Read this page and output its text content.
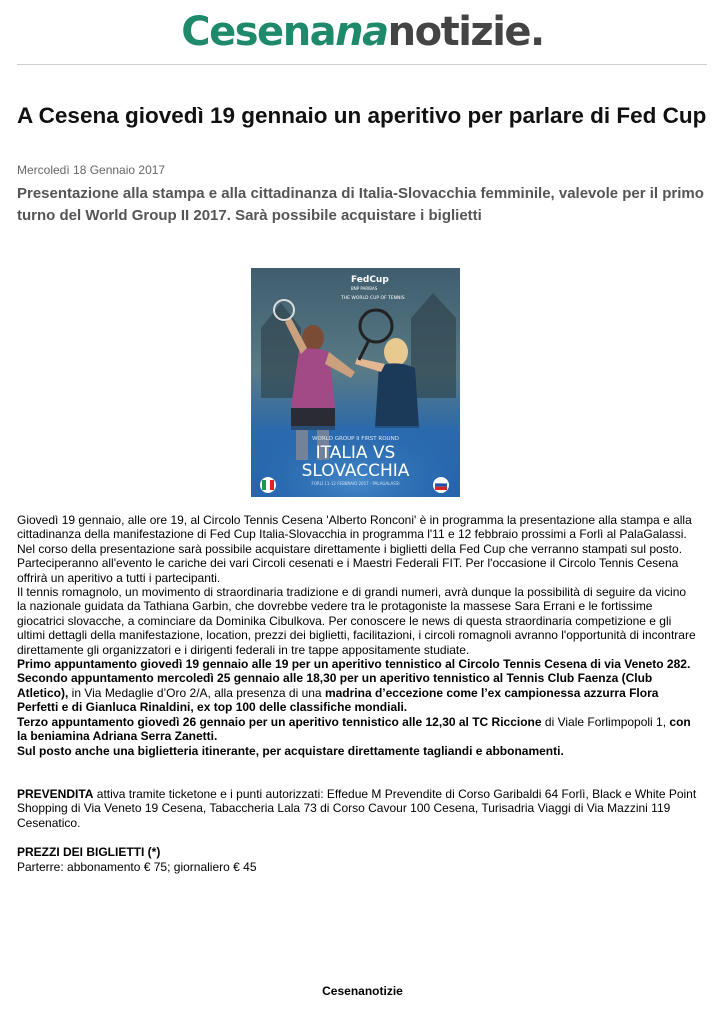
Cesenananotizie.
A Cesena giovedì 19 gennaio un aperitivo per parlare di Fed Cup
Mercoledì 18 Gennaio 2017
Presentazione alla stampa e alla cittadinanza di Italia-Slovacchia femminile, valevole per il primo turno del World Group II 2017. Sarà possibile acquistare i biglietti
FedCup
BNP PARIBAS
THE WORLD CUP OF TENNIS
WORLD GROUP II FIRST ROUND
ITALIA VS
SLOVACCHIA
FORLÌ 11-12 FEBBRAIO 2017 · PALAGALASSI

Giovedì 19 gennaio, alle ore 19, al Circolo Tennis Cesena 'Alberto Ronconi' è in programma la presentazione alla stampa e alla cittadinanza della manifestazione di Fed Cup Italia-Slovacchia in programma l'11 e 12 febbraio prossimi a Forlì al PalaGalassi.

Nel corso della presentazione sarà possibile acquistare direttamente i biglietti della Fed Cup che verranno stampati sul posto. Parteciperanno all'evento le cariche dei vari Circoli cesenati e i Maestri Federali FIT. Per l'occasione il Circolo Tennis Cesena offrirà un aperitivo a tutti i partecipanti.

Il tennis romagnolo, un movimento di straordinaria tradizione e di grandi numeri, avrà dunque la possibilità di seguire da vicino la nazionale guidata da Tathiana Garbin, che dovrebbe vedere tra le protagoniste la massese Sara Errani e le fortissime giocatrici slovacche, a cominciare da Dominika Cibulkova. Per conoscere le news di questa straordinaria competizione e gli ultimi dettagli della manifestazione, location, prezzi dei biglietti, facilitazioni, i circoli romagnoli avranno l'opportunità di incontrare direttamente gli organizzatori e i dirigenti federali in tre tappe appositamente studiate.

Primo appuntamento giovedì 19 gennaio alle 19 per un aperitivo tennistico al Circolo Tennis Cesena di via Veneto 282.

Secondo appuntamento mercoledì 25 gennaio alle 18,30 per un aperitivo tennistico al Tennis Club Faenza (Club Atletico), in Via Medaglie d’Oro 2/A, alla presenza di una madrina d’eccezione come l’ex campionessa azzurra Flora Perfetti e di Gianluca Rinaldini, ex top 100 delle classifiche mondiali.

Terzo appuntamento giovedì 26 gennaio per un aperitivo tennistico alle 12,30 al TC Riccione di Viale Forlimpopoli 1, con la beniamina Adriana Serra Zanetti.

Sul posto anche una biglietteria itinerante, per acquistare direttamente tagliandi e abbonamenti.

PREVENDITA attiva tramite ticketone e i punti autorizzati: Effedue M Prevendite di Corso Garibaldi 64 Forlì, Black e White Point Shopping di Via Veneto 19 Cesena, Tabaccheria Lala 73 di Corso Cavour 100 Cesena, Turisadria Viaggi di Via Mazzini 119 Cesenatico.

PREZZI DEI BIGLIETTI (*)

Parterre: abbonamento € 75; giornaliero € 45

Cesenanotizie
